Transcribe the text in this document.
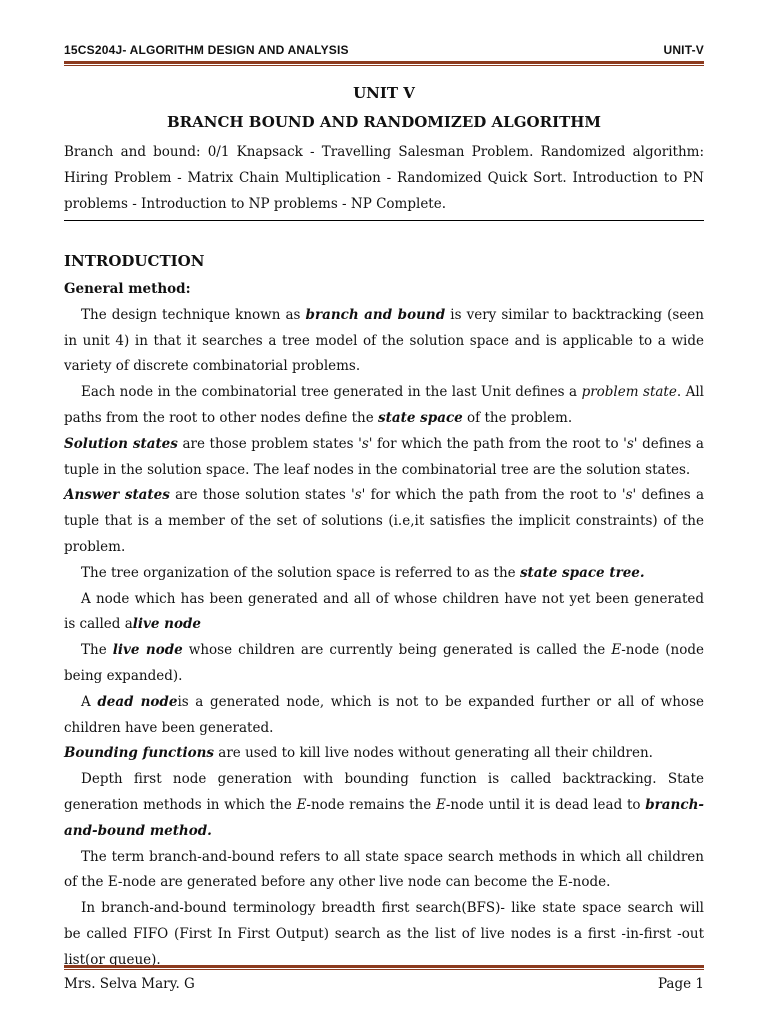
15CS204J- ALGORITHM DESIGN AND ANALYSIS	UNIT-V
UNIT V
BRANCH BOUND AND RANDOMIZED ALGORITHM
Branch and bound: 0/1 Knapsack - Travelling Salesman Problem. Randomized algorithm: Hiring Problem - Matrix Chain Multiplication - Randomized Quick Sort. Introduction to PN problems - Introduction to NP problems - NP Complete.
INTRODUCTION

General method:

The design technique known as branch and bound is very similar to backtracking (seen in unit 4) in that it searches a tree model of the solution space and is applicable to a wide variety of discrete combinatorial problems.

Each node in the combinatorial tree generated in the last Unit defines a problem state. All paths from the root to other nodes define the state space of the problem.

Solution states are those problem states 's' for which the path from the root to 's' defines a tuple in the solution space. The leaf nodes in the combinatorial tree are the solution states.

Answer states are those solution states 's' for which the path from the root to 's' defines a tuple that is a member of the set of solutions (i.e,it satisfies the implicit constraints) of the problem.

The tree organization of the solution space is referred to as the state space tree.

A node which has been generated and all of whose children have not yet been generated is called alive node

The live node whose children are currently being generated is called the E-node (node being expanded).

A dead nodeis a generated node, which is not to be expanded further or all of whose children have been generated.

Bounding functions are used to kill live nodes without generating all their children.

Depth first node generation with bounding function is called backtracking. State generation methods in which the E-node remains the E-node until it is dead lead to branch-and-bound method.

The term branch-and-bound refers to all state space search methods in which all children of the E-node are generated before any other live node can become the E-node.

In branch-and-bound terminology breadth first search(BFS)- like state space search will be called FIFO (First In First Output) search as the list of live nodes is a first -in-first -out list(or queue).

Mrs. Selva Mary. G	Page 1
